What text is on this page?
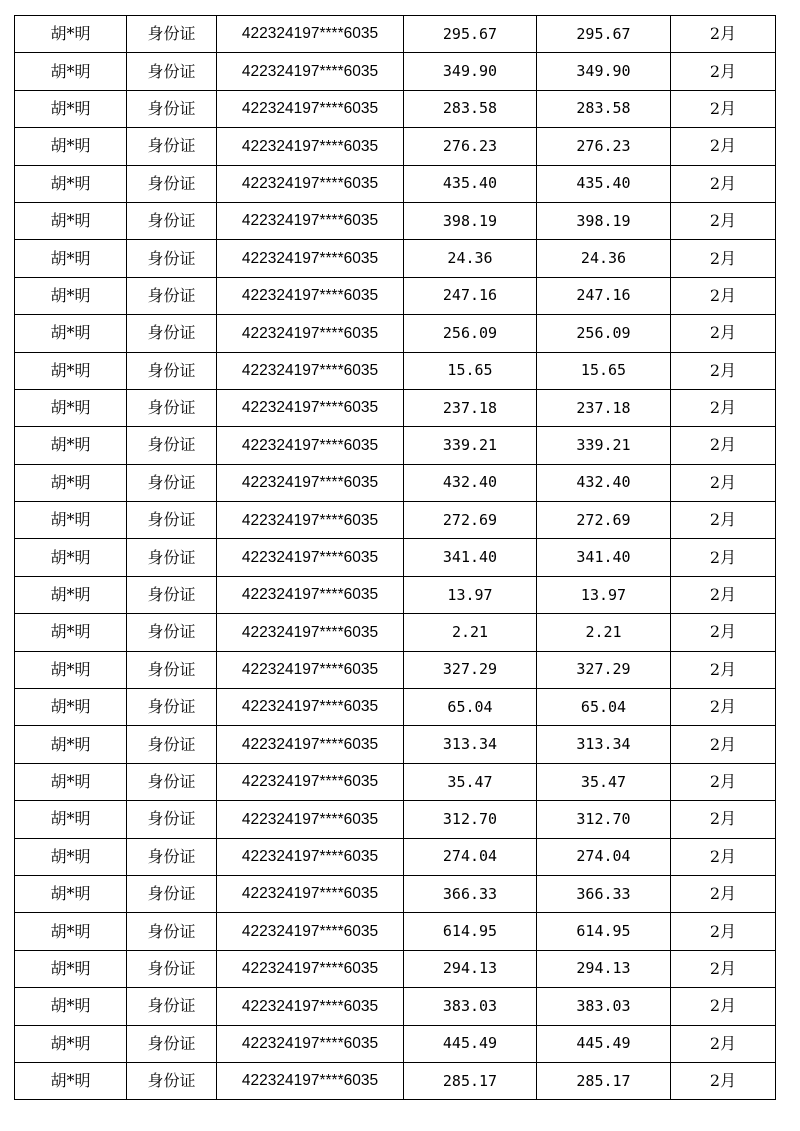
胡*明	身份证	422324197****6035	295.67	295.67	2月
胡*明	身份证	422324197****6035	349.90	349.90	2月
胡*明	身份证	422324197****6035	283.58	283.58	2月
胡*明	身份证	422324197****6035	276.23	276.23	2月
胡*明	身份证	422324197****6035	435.40	435.40	2月
胡*明	身份证	422324197****6035	398.19	398.19	2月
胡*明	身份证	422324197****6035	24.36	24.36	2月
胡*明	身份证	422324197****6035	247.16	247.16	2月
胡*明	身份证	422324197****6035	256.09	256.09	2月
胡*明	身份证	422324197****6035	15.65	15.65	2月
胡*明	身份证	422324197****6035	237.18	237.18	2月
胡*明	身份证	422324197****6035	339.21	339.21	2月
胡*明	身份证	422324197****6035	432.40	432.40	2月
胡*明	身份证	422324197****6035	272.69	272.69	2月
胡*明	身份证	422324197****6035	341.40	341.40	2月
胡*明	身份证	422324197****6035	13.97	13.97	2月
胡*明	身份证	422324197****6035	2.21	2.21	2月
胡*明	身份证	422324197****6035	327.29	327.29	2月
胡*明	身份证	422324197****6035	65.04	65.04	2月
胡*明	身份证	422324197****6035	313.34	313.34	2月
胡*明	身份证	422324197****6035	35.47	35.47	2月
胡*明	身份证	422324197****6035	312.70	312.70	2月
胡*明	身份证	422324197****6035	274.04	274.04	2月
胡*明	身份证	422324197****6035	366.33	366.33	2月
胡*明	身份证	422324197****6035	614.95	614.95	2月
胡*明	身份证	422324197****6035	294.13	294.13	2月
胡*明	身份证	422324197****6035	383.03	383.03	2月
胡*明	身份证	422324197****6035	445.49	445.49	2月
胡*明	身份证	422324197****6035	285.17	285.17	2月
